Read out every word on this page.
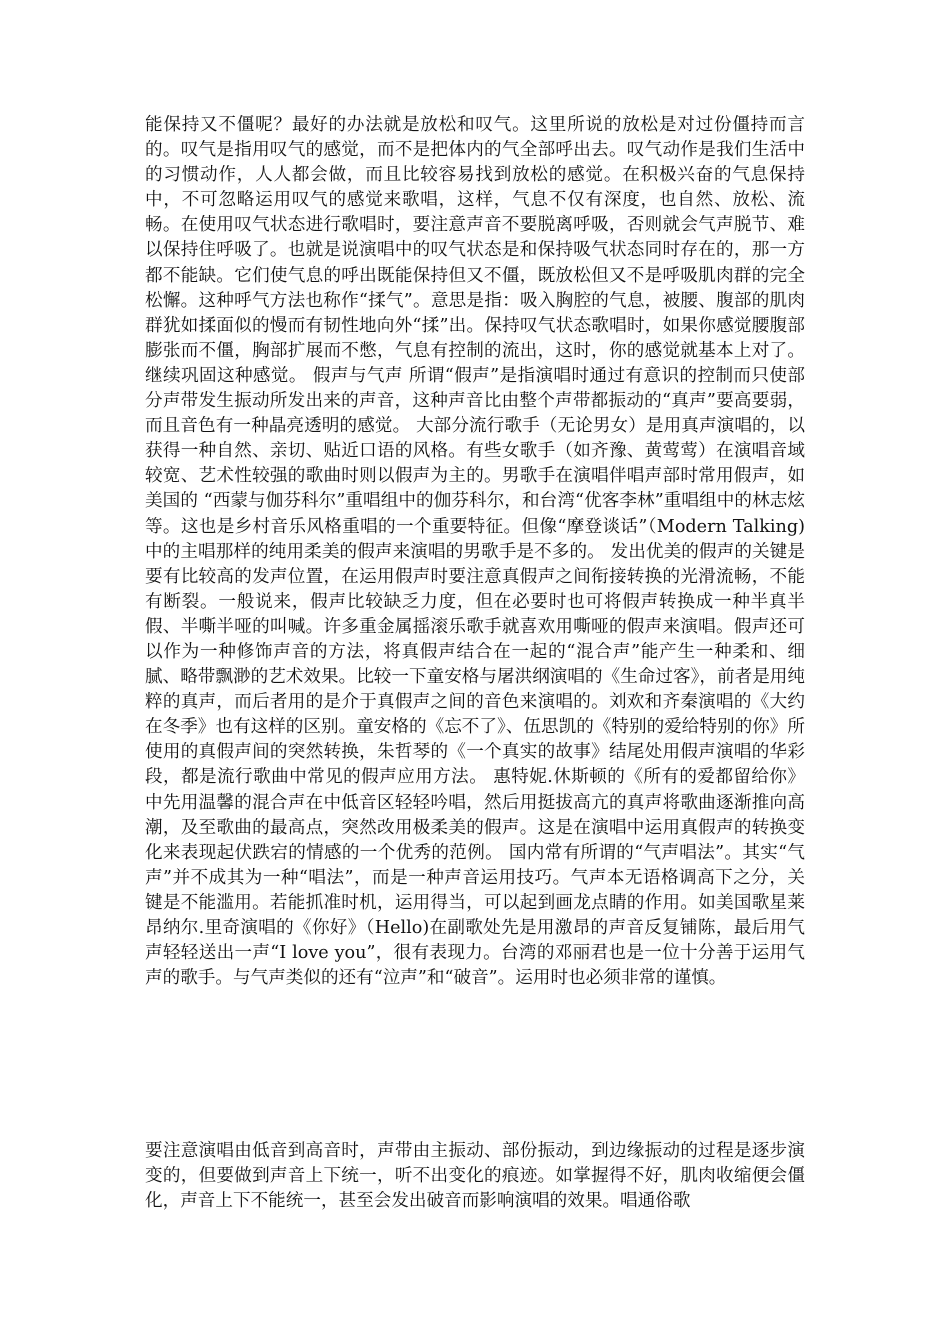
能保持又不僵呢？最好的办法就是放松和叹气。这里所说的放松是对过份僵持而言的。叹气是指用叹气的感觉，而不是把体内的气全部呼出去。叹气动作是我们生活中的习惯动作，人人都会做，而且比较容易找到放松的感觉。在积极兴奋的气息保持中，不可忽略运用叹气的感觉来歌唱，这样，气息不仅有深度，也自然、放松、流畅。在使用叹气状态进行歌唱时，要注意声音不要脱离呼吸，否则就会气声脱节、难以保持住呼吸了。也就是说演唱中的叹气状态是和保持吸气状态同时存在的，那一方都不能缺。它们使气息的呼出既能保持但又不僵，既放松但又不是呼吸肌肉群的完全松懈。这种呼气方法也称作“揉气”。意思是指：吸入胸腔的气息，被腰、腹部的肌肉群犹如揉面似的慢而有韧性地向外“揉”出。保持叹气状态歌唱时，如果你感觉腰腹部膨张而不僵，胸部扩展而不憋，气息有控制的流出，这时，你的感觉就基本上对了。继续巩固这种感觉。 假声与气声 所谓“假声”是指演唱时通过有意识的控制而只使部分声带发生振动所发出来的声音，这种声音比由整个声带都振动的“真声”要高要弱，而且音色有一种晶亮透明的感觉。 大部分流行歌手（无论男女）是用真声演唱的，以获得一种自然、亲切、贴近口语的风格。有些女歌手（如齐豫、黄莺莺）在演唱音域较宽、艺术性较强的歌曲时则以假声为主的。男歌手在演唱伴唱声部时常用假声，如美国的 “西蒙与伽芬科尔”重唱组中的伽芬科尔，和台湾“优客李林”重唱组中的林志炫等。这也是乡村音乐风格重唱的一个重要特征。但像“摩登谈话”（Modern Talking)中的主唱那样的纯用柔美的假声来演唱的男歌手是不多的。 发出优美的假声的关键是要有比较高的发声位置，在运用假声时要注意真假声之间衔接转换的光滑流畅，不能有断裂。一般说来，假声比较缺乏力度，但在必要时也可将假声转换成一种半真半假、半嘶半哑的叫喊。许多重金属摇滚乐歌手就喜欢用嘶哑的假声来演唱。假声还可以作为一种修饰声音的方法，将真假声结合在一起的“混合声”能产生一种柔和、细腻、略带飘渺的艺术效果。比较一下童安格与屠洪纲演唱的《生命过客》，前者是用纯粹的真声，而后者用的是介于真假声之间的音色来演唱的。刘欢和齐秦演唱的《大约在冬季》也有这样的区别。童安格的《忘不了》、伍思凯的《特别的爱给特别的你》所使用的真假声间的突然转换，朱哲琴的《一个真实的故事》结尾处用假声演唱的华彩段，都是流行歌曲中常见的假声应用方法。 惠特妮.休斯顿的《所有的爱都留给你》中先用温馨的混合声在中低音区轻轻吟唱，然后用挺拔高亢的真声将歌曲逐渐推向高潮，及至歌曲的最高点，突然改用极柔美的假声。这是在演唱中运用真假声的转换变化来表现起伏跌宕的情感的一个优秀的范例。 国内常有所谓的“气声唱法”。其实“气声”并不成其为一种“唱法”，而是一种声音运用技巧。气声本无语格调高下之分，关键是不能滥用。若能抓准时机，运用得当，可以起到画龙点睛的作用。如美国歌星莱昂纳尔.里奇演唱的《你好》（Hello)在副歌处先是用激昂的声音反复铺陈，最后用气声轻轻送出一声“I love you”，很有表现力。台湾的邓丽君也是一位十分善于运用气声的歌手。与气声类似的还有“泣声”和“破音”。运用时也必须非常的谨慎。

要注意演唱由低音到高音时，声带由主振动、部份振动，到边缘振动的过程是逐步演变的，但要做到声音上下统一，听不出变化的痕迹。如掌握得不好，肌肉收缩便会僵化，声音上下不能统一，甚至会发出破音而影响演唱的效果。唱通俗歌
